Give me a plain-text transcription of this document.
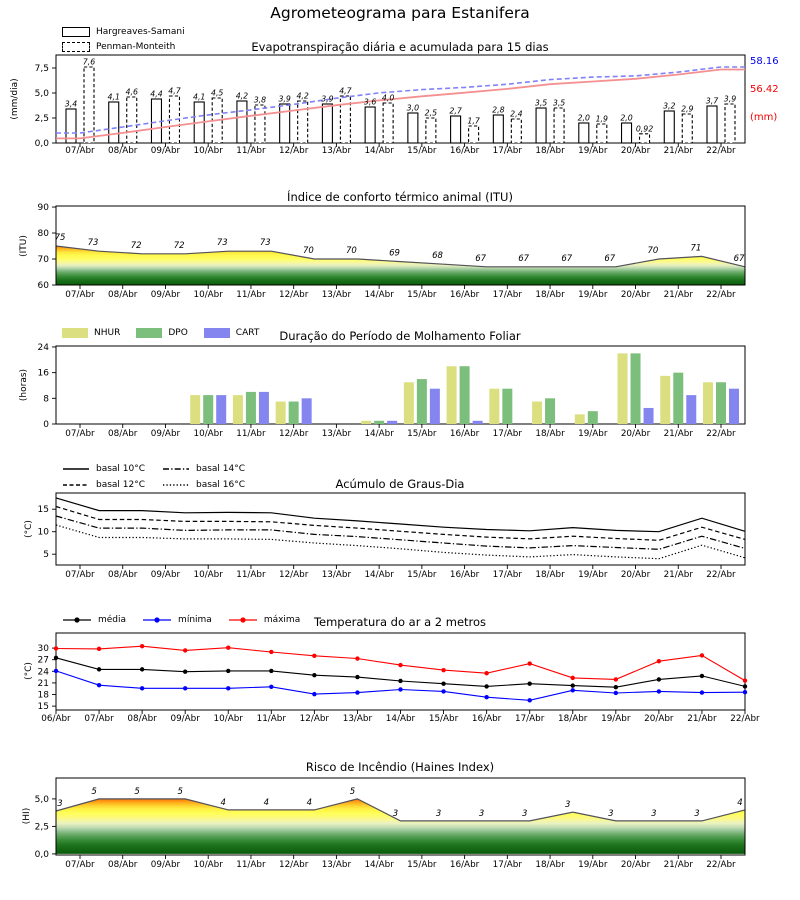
Agrometeograma para Estanifera
Evapotranspiração diária e acumulada para 15 dias
Índice de conforto térmico animal (ITU)
Duração do Período de Molhamento Foliar
Acúmulo de Graus-Dia
Temperatura do ar a 2 metros
Risco de Incêndio (Haines Index)
(mm/dia)
(ITU)
(horas)
(°C)
(°C)
(HI)
Hargreaves-Samani
Penman-Monteith
58.16
56.42
(mm)
NHUR	DPO	CART
basal 10°C	basal 14°C
basal 12°C	basal 16°C
média	mínima	máxima
0,0
2,5
5,0
7,5
07/Abr 08/Abr 09/Abr 10/Abr 11/Abr 12/Abr 13/Abr 14/Abr 15/Abr 16/Abr 17/Abr 18/Abr 19/Abr 20/Abr 21/Abr 22/Abr
3,4
7,6
4,1
4,6 4,4 4,7
4,1 4,5 4,2 3,8 3,9 4,2 3,9
4,7
3,6 4,0
3,0
2,5 2,7
1,7
2,8 2,4
3,5 3,5
2,0 1,9 2,0
0,92
3,2 2,9
3,7 3,9
60
70
80
90
07/Abr 08/Abr 09/Abr 10/Abr 11/Abr 12/Abr 13/Abr 14/Abr 15/Abr 16/Abr 17/Abr 18/Abr 19/Abr 20/Abr 21/Abr 22/Abr
75
73	72	72	73	73
70	70	69	68	67	67	67	67
70	71
67
0
8
16
24
07/Abr 08/Abr 09/Abr 10/Abr 11/Abr 12/Abr 13/Abr 14/Abr 15/Abr 16/Abr 17/Abr 18/Abr 19/Abr 20/Abr 21/Abr 22/Abr
5
10
15
07/Abr 08/Abr 09/Abr 10/Abr 11/Abr 12/Abr 13/Abr 14/Abr 15/Abr 16/Abr 17/Abr 18/Abr 19/Abr 20/Abr 21/Abr 22/Abr
15
18
21
24
27
30
06/Abr 07/Abr 08/Abr 09/Abr 10/Abr 11/Abr 12/Abr 13/Abr 14/Abr 15/Abr 16/Abr 17/Abr 18/Abr 19/Abr 20/Abr 21/Abr 22/Abr
0,0
2,5
5,0
07/Abr 08/Abr 09/Abr 10/Abr 11/Abr 12/Abr 13/Abr 14/Abr 15/Abr 16/Abr 17/Abr 18/Abr 19/Abr 20/Abr 21/Abr 22/Abr
3
5	5	5
4	4	4
5
3	3	3	3
3
3	3	3
4
